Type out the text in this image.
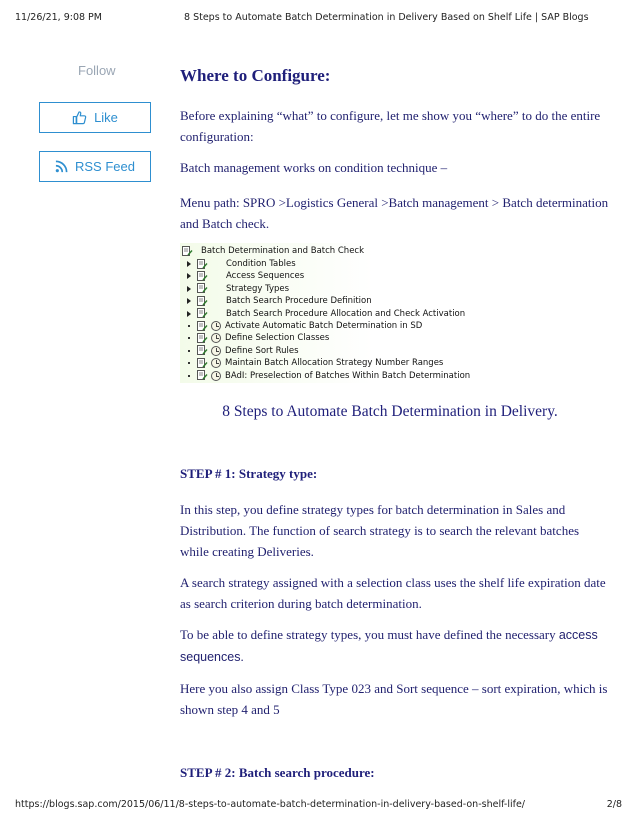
11/26/21, 9:08 PM	8 Steps to Automate Batch Determination in Delivery Based on Shelf Life | SAP Blogs
Follow
Like
RSS Feed
Where to Configure:
Before explaining “what” to configure, let me show you “where” to do the entire configuration:
Batch management works on condition technique –
Menu path: SPRO >Logistics General >Batch management > Batch determination and Batch check.
Batch Determination and Batch Check
Condition Tables
Access Sequences
Strategy Types
Batch Search Procedure Definition
Batch Search Procedure Allocation and Check Activation
Activate Automatic Batch Determination in SD
Define Selection Classes
Define Sort Rules
Maintain Batch Allocation Strategy Number Ranges
BAdI: Preselection of Batches Within Batch Determination
8 Steps to Automate Batch Determination in Delivery.
STEP # 1: Strategy type:
In this step, you define strategy types for batch determination in Sales and Distribution. The function of search strategy is to search the relevant batches while creating Deliveries.
A search strategy assigned with a selection class uses the shelf life expiration date as search criterion during batch determination.
To be able to define strategy types, you must have defined the necessary access sequences.
Here you also assign Class Type 023 and Sort sequence – sort expiration, which is shown step 4 and 5
STEP # 2: Batch search procedure:
https://blogs.sap.com/2015/06/11/8-steps-to-automate-batch-determination-in-delivery-based-on-shelf-life/	2/8
